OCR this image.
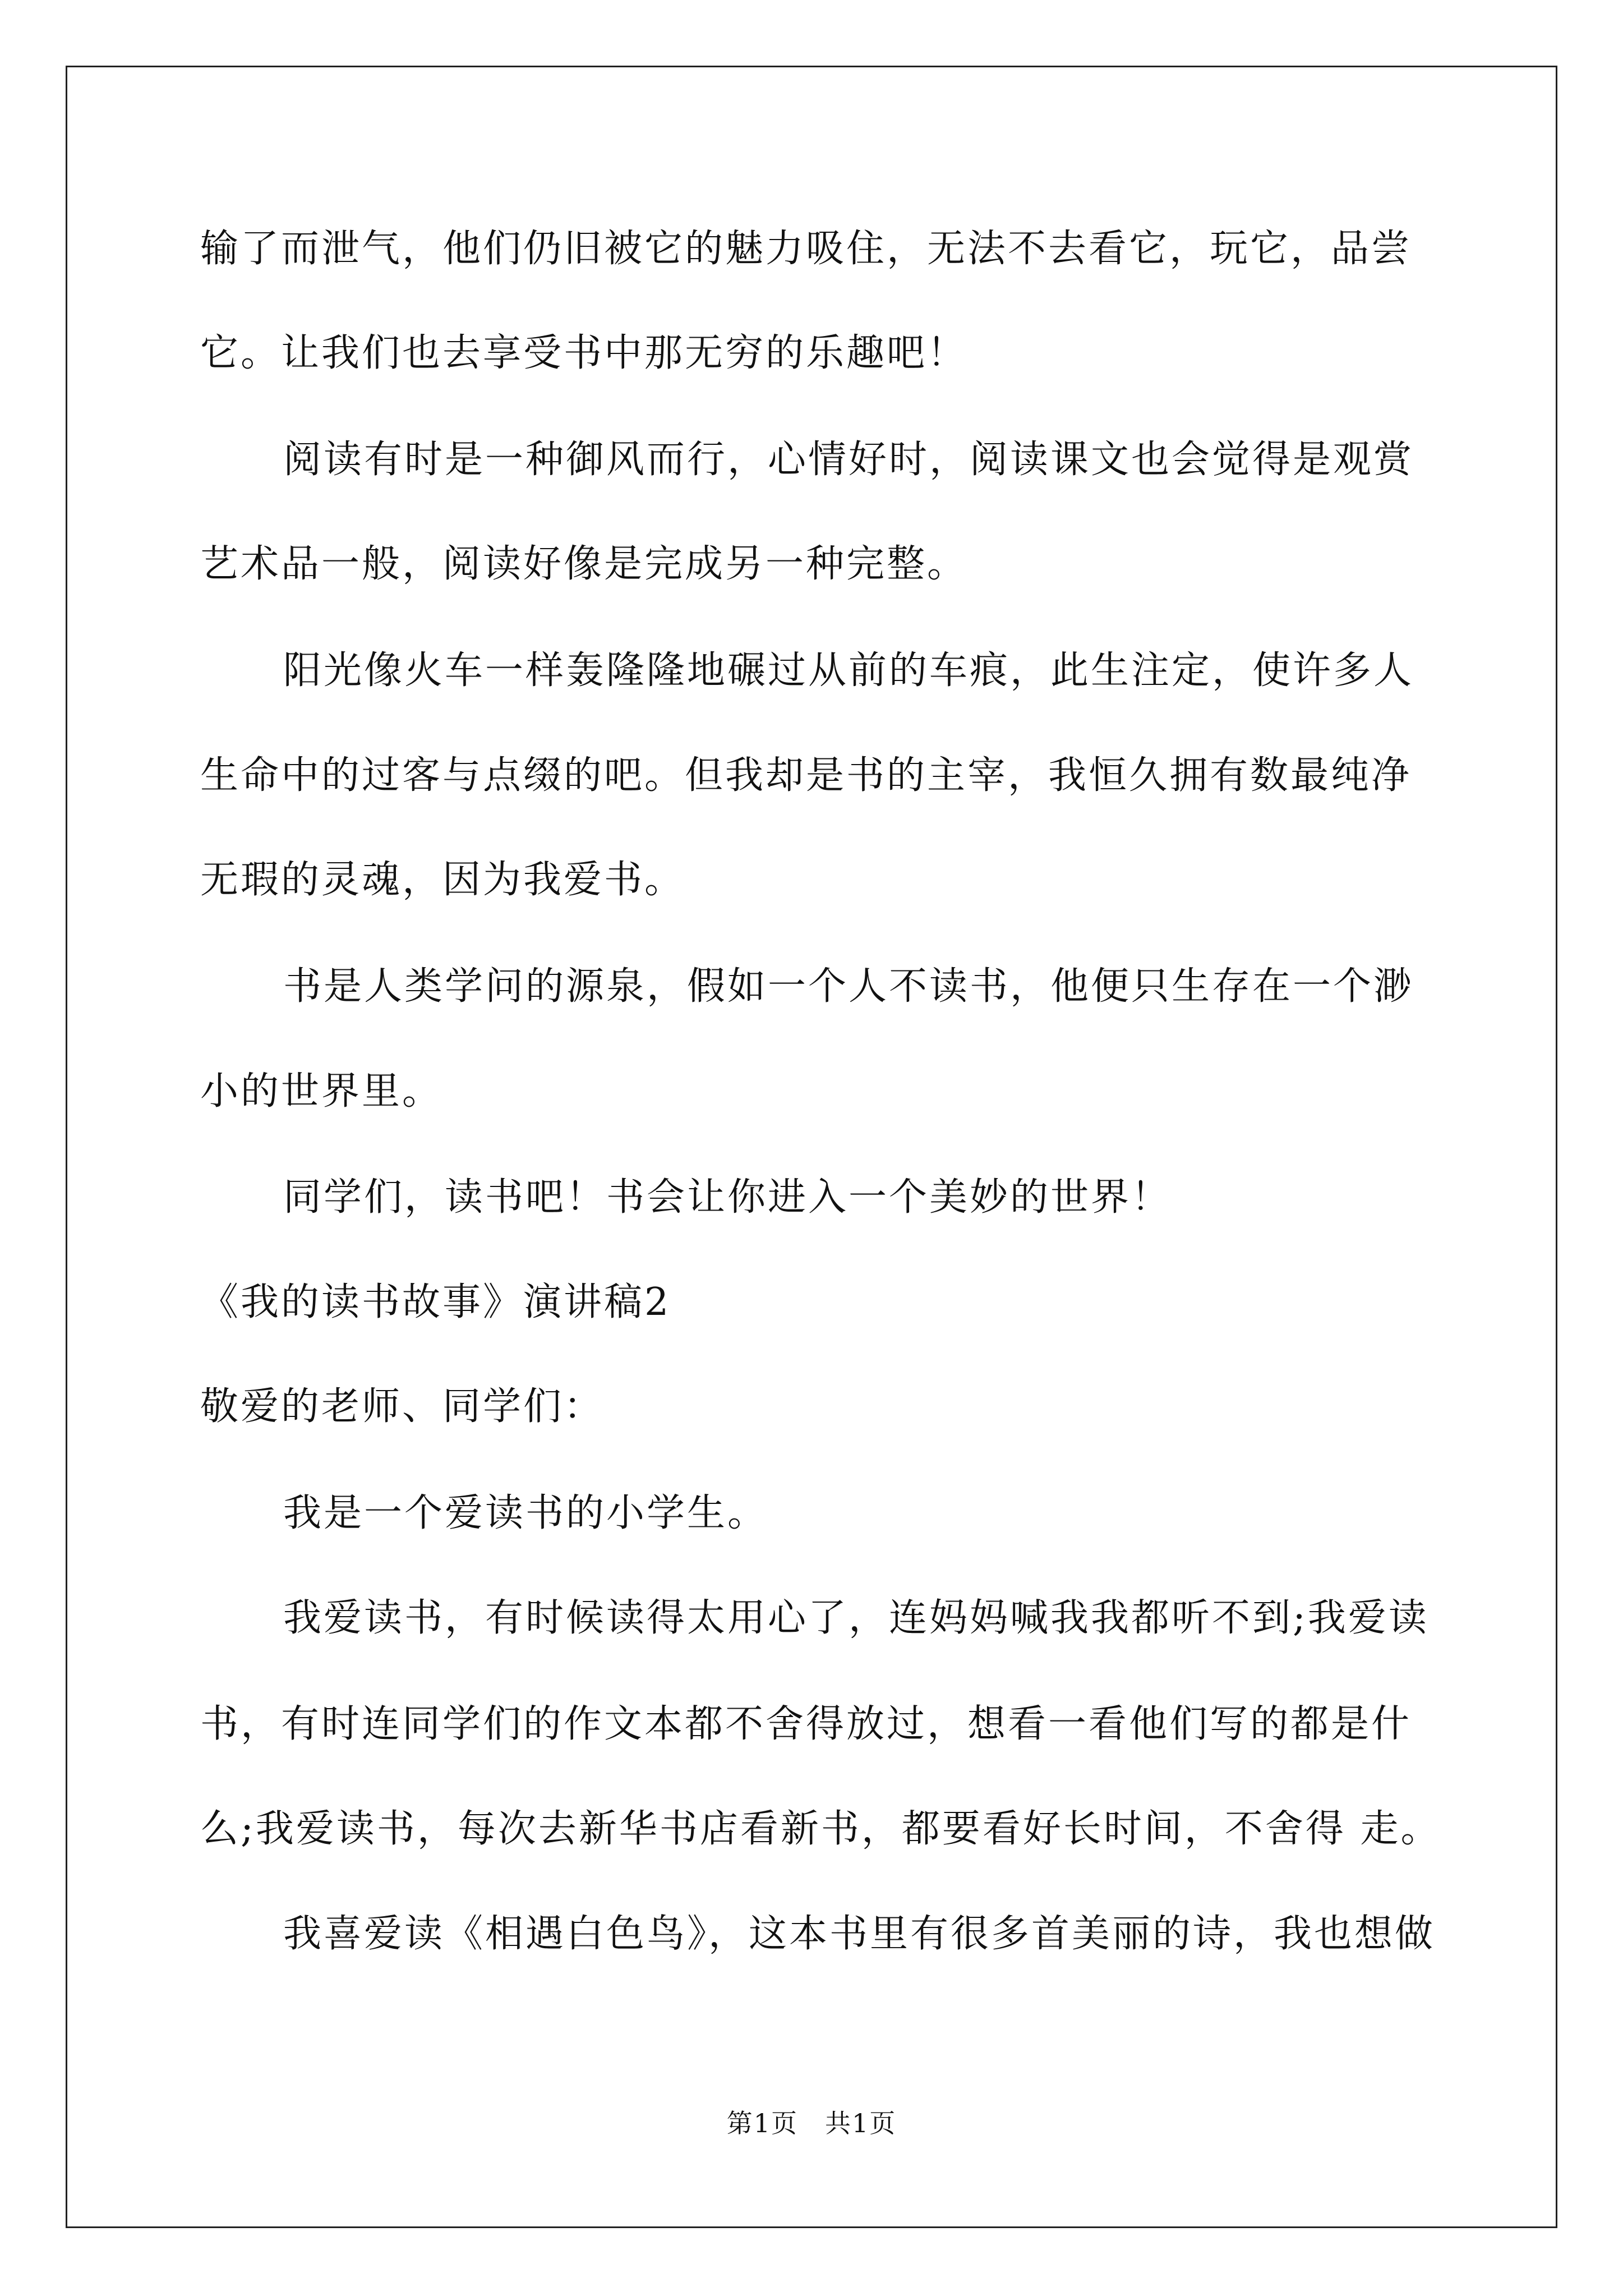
输了而泄气，他们仍旧被它的魅力吸住，无法不去看它，玩它，品尝
它。让我们也去享受书中那无穷的乐趣吧！
阅读有时是一种御风而行，心情好时，阅读课文也会觉得是观赏
艺术品一般，阅读好像是完成另一种完整。
阳光像火车一样轰隆隆地碾过从前的车痕，此生注定，使许多人
生命中的过客与点缀的吧。但我却是书的主宰，我恒久拥有数最纯净
无瑕的灵魂，因为我爱书。
书是人类学问的源泉，假如一个人不读书，他便只生存在一个渺
小的世界里。
同学们，读书吧！书会让你进入一个美妙的世界！
《我的读书故事》演讲稿2
敬爱的老师、同学们：
我是一个爱读书的小学生。
我爱读书，有时候读得太用心了，连妈妈喊我我都听不到;我爱读
书，有时连同学们的作文本都不舍得放过，想看一看他们写的都是什
么;我爱读书，每次去新华书店看新书，都要看好长时间，不舍得 走。
我喜爱读《相遇白色鸟》，这本书里有很多首美丽的诗，我也想做
第1页　共1页
